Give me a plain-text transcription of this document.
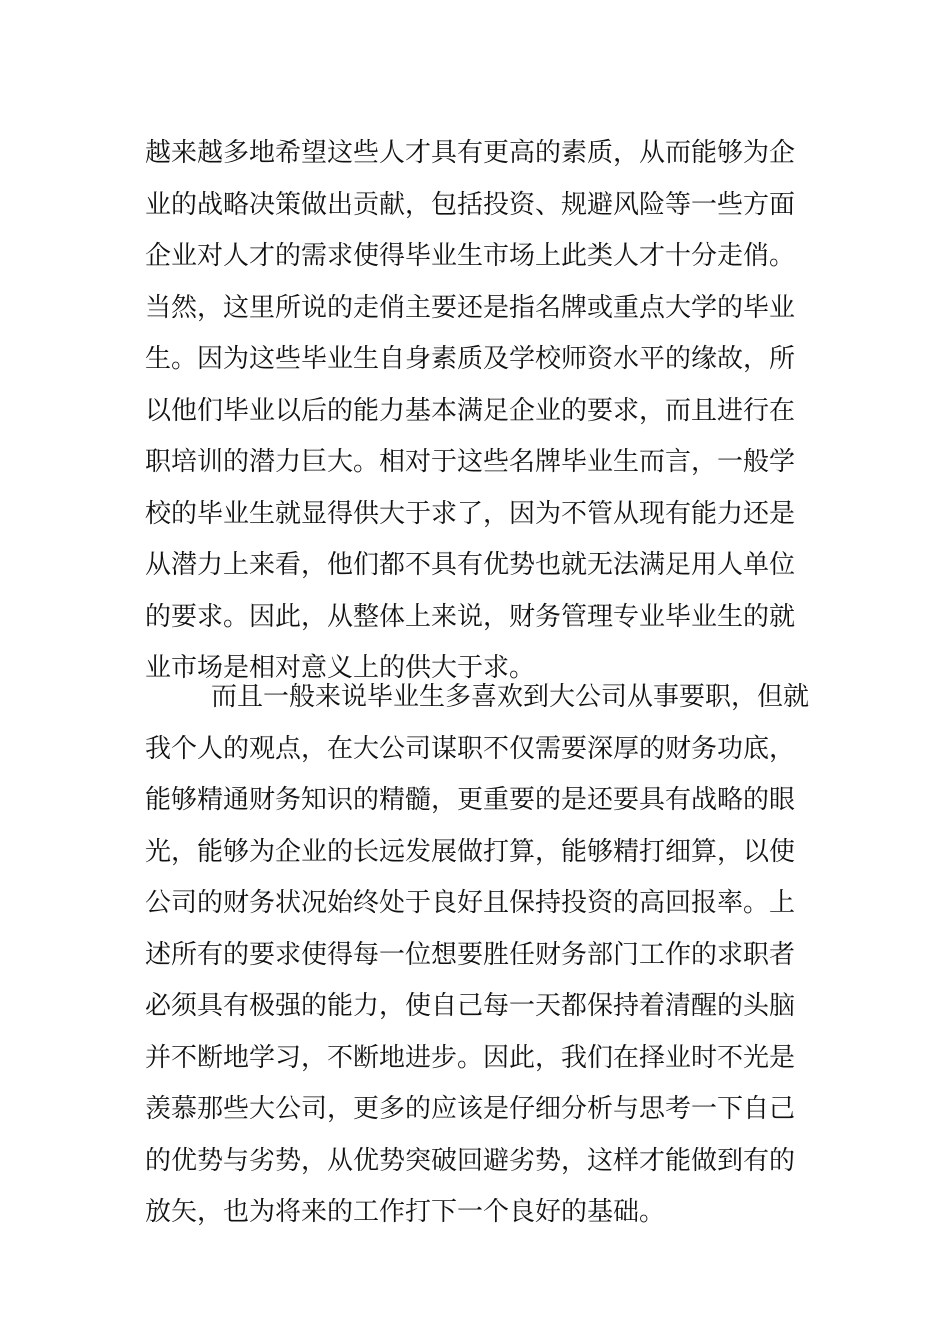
越来越多地希望这些人才具有更高的素质，从而能够为企
业的战略决策做出贡献，包括投资、规避风险等一些方面
企业对人才的需求使得毕业生市场上此类人才十分走俏。
当然，这里所说的走俏主要还是指名牌或重点大学的毕业
生。因为这些毕业生自身素质及学校师资水平的缘故，所
以他们毕业以后的能力基本满足企业的要求，而且进行在
职培训的潜力巨大。相对于这些名牌毕业生而言，一般学
校的毕业生就显得供大于求了，因为不管从现有能力还是
从潜力上来看，他们都不具有优势也就无法满足用人单位
的要求。因此，从整体上来说，财务管理专业毕业生的就
业市场是相对意义上的供大于求。
而且一般来说毕业生多喜欢到大公司从事要职，但就
我个人的观点，在大公司谋职不仅需要深厚的财务功底，
能够精通财务知识的精髓，更重要的是还要具有战略的眼
光，能够为企业的长远发展做打算，能够精打细算，以使
公司的财务状况始终处于良好且保持投资的高回报率。上
述所有的要求使得每一位想要胜任财务部门工作的求职者
必须具有极强的能力，使自己每一天都保持着清醒的头脑
并不断地学习，不断地进步。因此，我们在择业时不光是
羡慕那些大公司，更多的应该是仔细分析与思考一下自己
的优势与劣势，从优势突破回避劣势，这样才能做到有的
放矢，也为将来的工作打下一个良好的基础。
